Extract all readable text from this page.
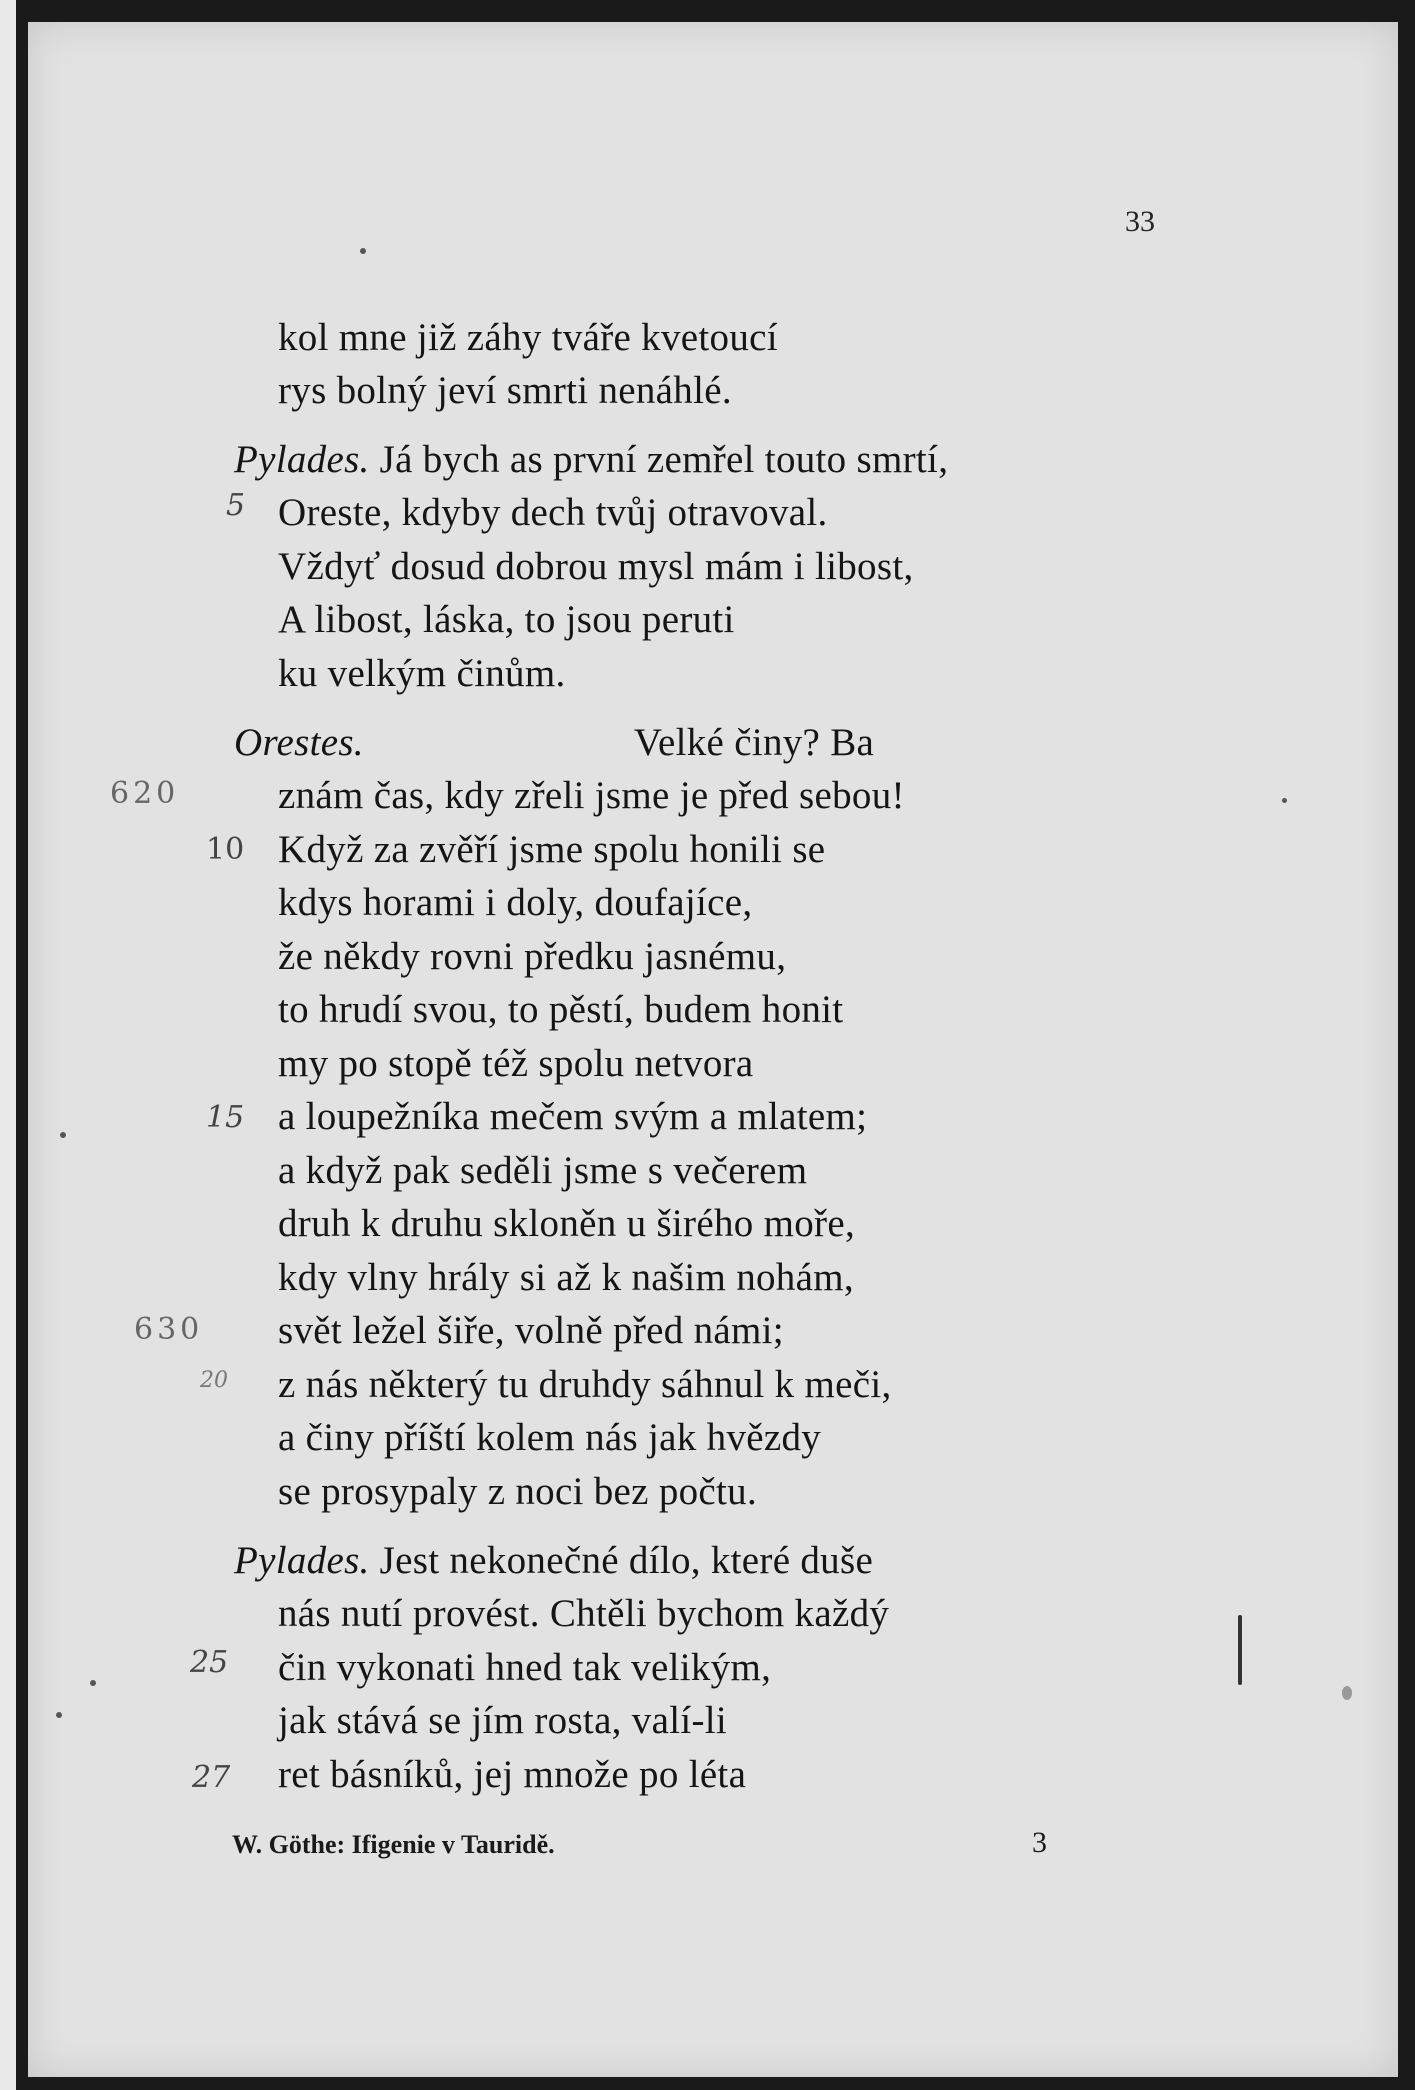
33
kol mne již záhy tváře kvetoucí
rys bolný jeví smrti nenáhlé.
Pylades. Já bych as první zemřel touto smrtí,
Oreste, kdyby dech tvůj otravoval.
Vždyť dosud dobrou mysl mám i libost,
A libost, láska, to jsou peruti
ku velkým činům.
Orestes.	Velké činy? Ba
znám čas, kdy zřeli jsme je před sebou!
Když za zvěří jsme spolu honili se
kdys horami i doly, doufajíce,
že někdy rovni předku jasnému,
to hrudí svou, to pěstí, budem honit
my po stopě též spolu netvora
a loupežníka mečem svým a mlatem;
a když pak seděli jsme s večerem
druh k druhu skloněn u širého moře,
kdy vlny hrály si až k našim nohám,
svět ležel šiře, volně před námi;
z nás některý tu druhdy sáhnul k meči,
a činy příští kolem nás jak hvězdy
se prosypaly z noci bez počtu.
Pylades. Jest nekonečné dílo, které duše
nás nutí provést. Chtěli bychom každý
čin vykonati hned tak velikým,
jak stává se jím rosta, valí-li
ret básníků, jej množe po léta
5
620
10
15
630
20
25
27
W. Göthe: Ifigenie v Tauridě.	3
